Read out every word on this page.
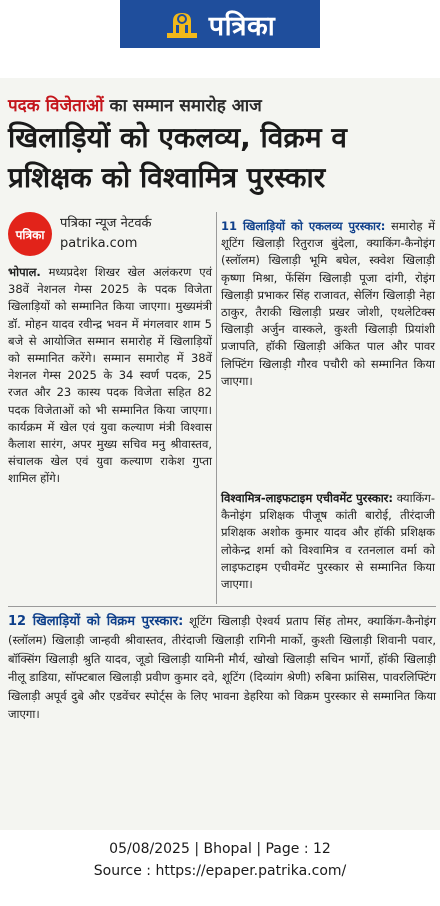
पत्रिका
पदक विजेताओं का सम्मान समारोह आज
खिलाड़ियों को एकलव्य, विक्रम व प्रशिक्षक को विश्वामित्र पुरस्कार
पत्रिका
पत्रिका न्यूज नेटवर्क
patrika.com
भोपाल. मध्यप्रदेश शिखर खेल अलंकरण एवं 38वें नेशनल गेम्स 2025 के पदक विजेता खिलाड़ियों को सम्मानित किया जाएगा। मुख्यमंत्री डॉ. मोहन यादव रवीन्द्र भवन में मंगलवार शाम 5 बजे से आयोजित सम्मान समारोह में खिलाड़ियों को सम्मानित करेंगे। सम्मान समारोह में 38वें नेशनल गेम्स 2025 के 34 स्वर्ण पदक, 25 रजत और 23 कास्य पदक विजेता सहित 82 पदक विजेताओं को भी सम्मानित किया जाएगा। कार्यक्रम में खेल एवं युवा कल्याण मंत्री विश्वास कैलाश सारंग, अपर मुख्य सचिव मनु श्रीवास्तव, संचालक खेल एवं युवा कल्याण राकेश गुप्ता शामिल होंगे।
11 खिलाड़ियों को एकलव्य पुरस्कार: समारोह में शूटिंग खिलाड़ी रितुराज बुंदेला, क्याकिंग-कैनोइंग (स्लॉलम) खिलाड़ी भूमि बघेल, स्क्वेश खिलाड़ी कृष्णा मिश्रा, फेंसिंग खिलाड़ी पूजा दांगी, रोइंग खिलाड़ी प्रभाकर सिंह राजावत, सेलिंग खिलाड़ी नेहा ठाकुर, तैराकी खिलाड़ी प्रखर जोशी, एथलेटिक्स खिलाड़ी अर्जुन वास्कले, कुश्ती खिलाड़ी प्रियांशी प्रजापति, हॉकी खिलाड़ी अंकित पाल और पावर लिफ्टिंग खिलाड़ी गौरव पचौरी को सम्मानित किया जाएगा।
विश्वामित्र-लाइफटाइम एचीवमेंट पुरस्कार: क्याकिंग-कैनोइंग प्रशिक्षक पीजूष कांती बारोई, तीरंदाजी प्रशिक्षक अशोक कुमार यादव और हॉकी प्रशिक्षक लोकेन्द्र शर्मा को विश्वामित्र व रतनलाल वर्मा को लाइफटाइम एचीवमेंट पुरस्कार से सम्मानित किया जाएगा।
12 खिलाड़ियों को विक्रम पुरस्कार: शूटिंग खिलाड़ी ऐश्वर्य प्रताप सिंह तोमर, क्याकिंग-कैनोइंग (स्लॉलम) खिलाड़ी जान्हवी श्रीवास्तव, तीरंदाजी खिलाड़ी रागिनी मार्को, कुश्ती खिलाड़ी शिवानी पवार, बॉक्सिंग खिलाड़ी श्रुति यादव, जूडो खिलाड़ी यामिनी मौर्य, खोखो खिलाड़ी सचिन भार्गो, हॉकी खिलाड़ी नीलू डाडिया, सॉफ्टबाल खिलाड़ी प्रवीण कुमार दवे, शूटिंग (दिव्यांग श्रेणी) रुबिना फ्रांसिस, पावरलिफ्टिंग खिलाड़ी अपूर्व दुबे और एडवेंचर स्पोर्ट्स के लिए भावना डेहरिया को विक्रम पुरस्कार से सम्मानित किया जाएगा।
05/08/2025 | Bhopal | Page : 12
Source : https://epaper.patrika.com/
